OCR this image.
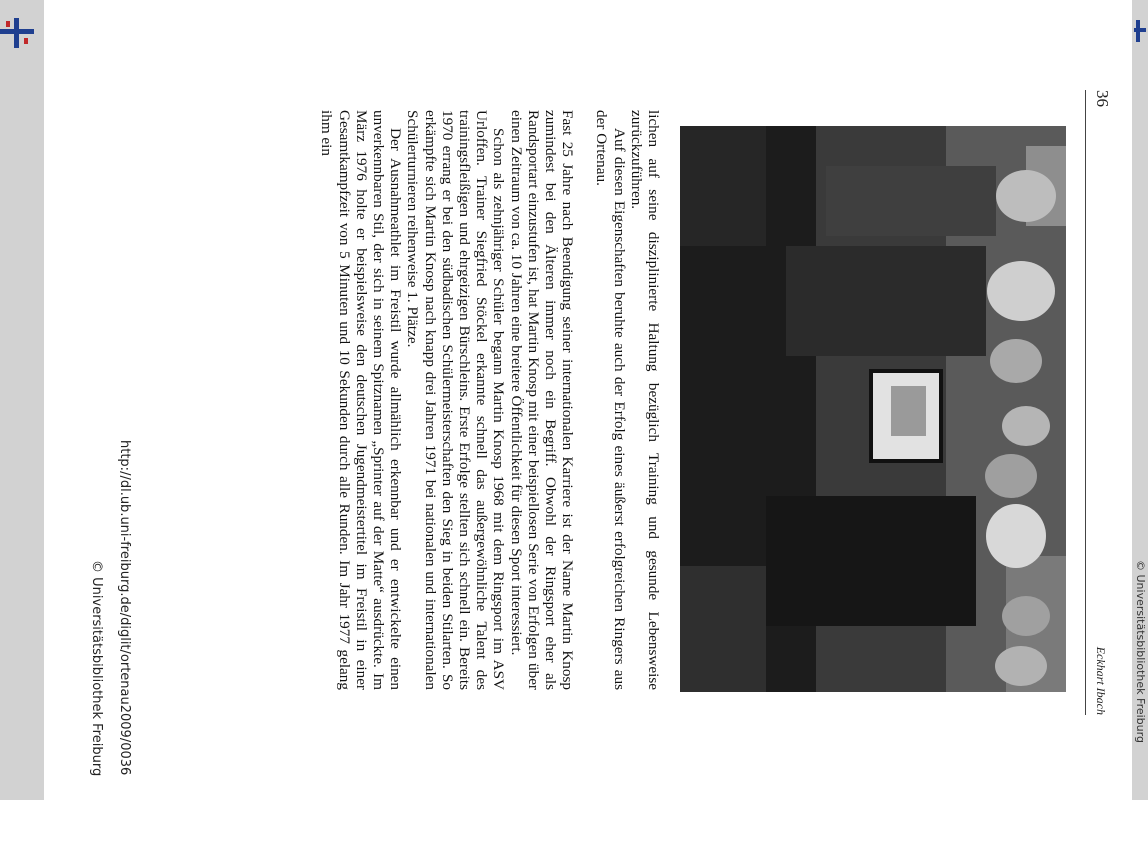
36
Eckhart Ibach

lichen auf seine disziplinierte Haltung bezüglich Training und gesunde Lebensweise zurückzuführen.

Auf diesen Eigenschaften beruhte auch der Erfolg eines äußerst erfolgreichen Ringers aus der Ortenau.

Fast 25 Jahre nach Beendigung seiner internationalen Karriere ist der Name Martin Knosp zumindest bei den Älteren immer noch ein Begriff. Obwohl der Ringsport eher als Randsportart einzustufen ist, hat Martin Knosp mit einer beispiellosen Serie von Erfolgen über einen Zeitraum von ca. 10 Jahren eine breitere Öffentlichkeit für diesen Sport interessiert.

Schon als zehnjähriger Schüler begann Martin Knosp 1968 mit dem Ringsport im ASV Urloffen. Trainer Siegfried Stöckel erkannte schnell das außergewöhnliche Talent des trainingsfleißigen und ehrgeizigen Bürschleins. Erste Erfolge stellten sich schnell ein. Bereits 1970 errang er bei den südbadischen Schülermeisterschaften den Sieg in beiden Stilarten. So erkämpfte sich Martin Knosp nach knapp drei Jahren 1971 bei nationalen und internationalen Schülerturnieren reihenweise 1. Plätze.

Der Ausnahmeathlet im Freistil wurde allmählich erkennbar und er entwickelte einen unverkennbaren Stil, der sich in seinem Spitznamen „Sprinter auf der Matte“ ausdrückte. Im März 1976 holte er beispielsweise den deutschen Jugendmeistertitel im Freistil in einer Gesamtkampfzeit von 5 Minuten und 10 Sekunden durch alle Runden. Im Jahr 1977 gelang ihm ein

http://dl.ub.uni-freiburg.de/diglit/ortenau2009/0036
© Universitätsbibliothek Freiburg	© Universitätsbibliothek Freiburg
